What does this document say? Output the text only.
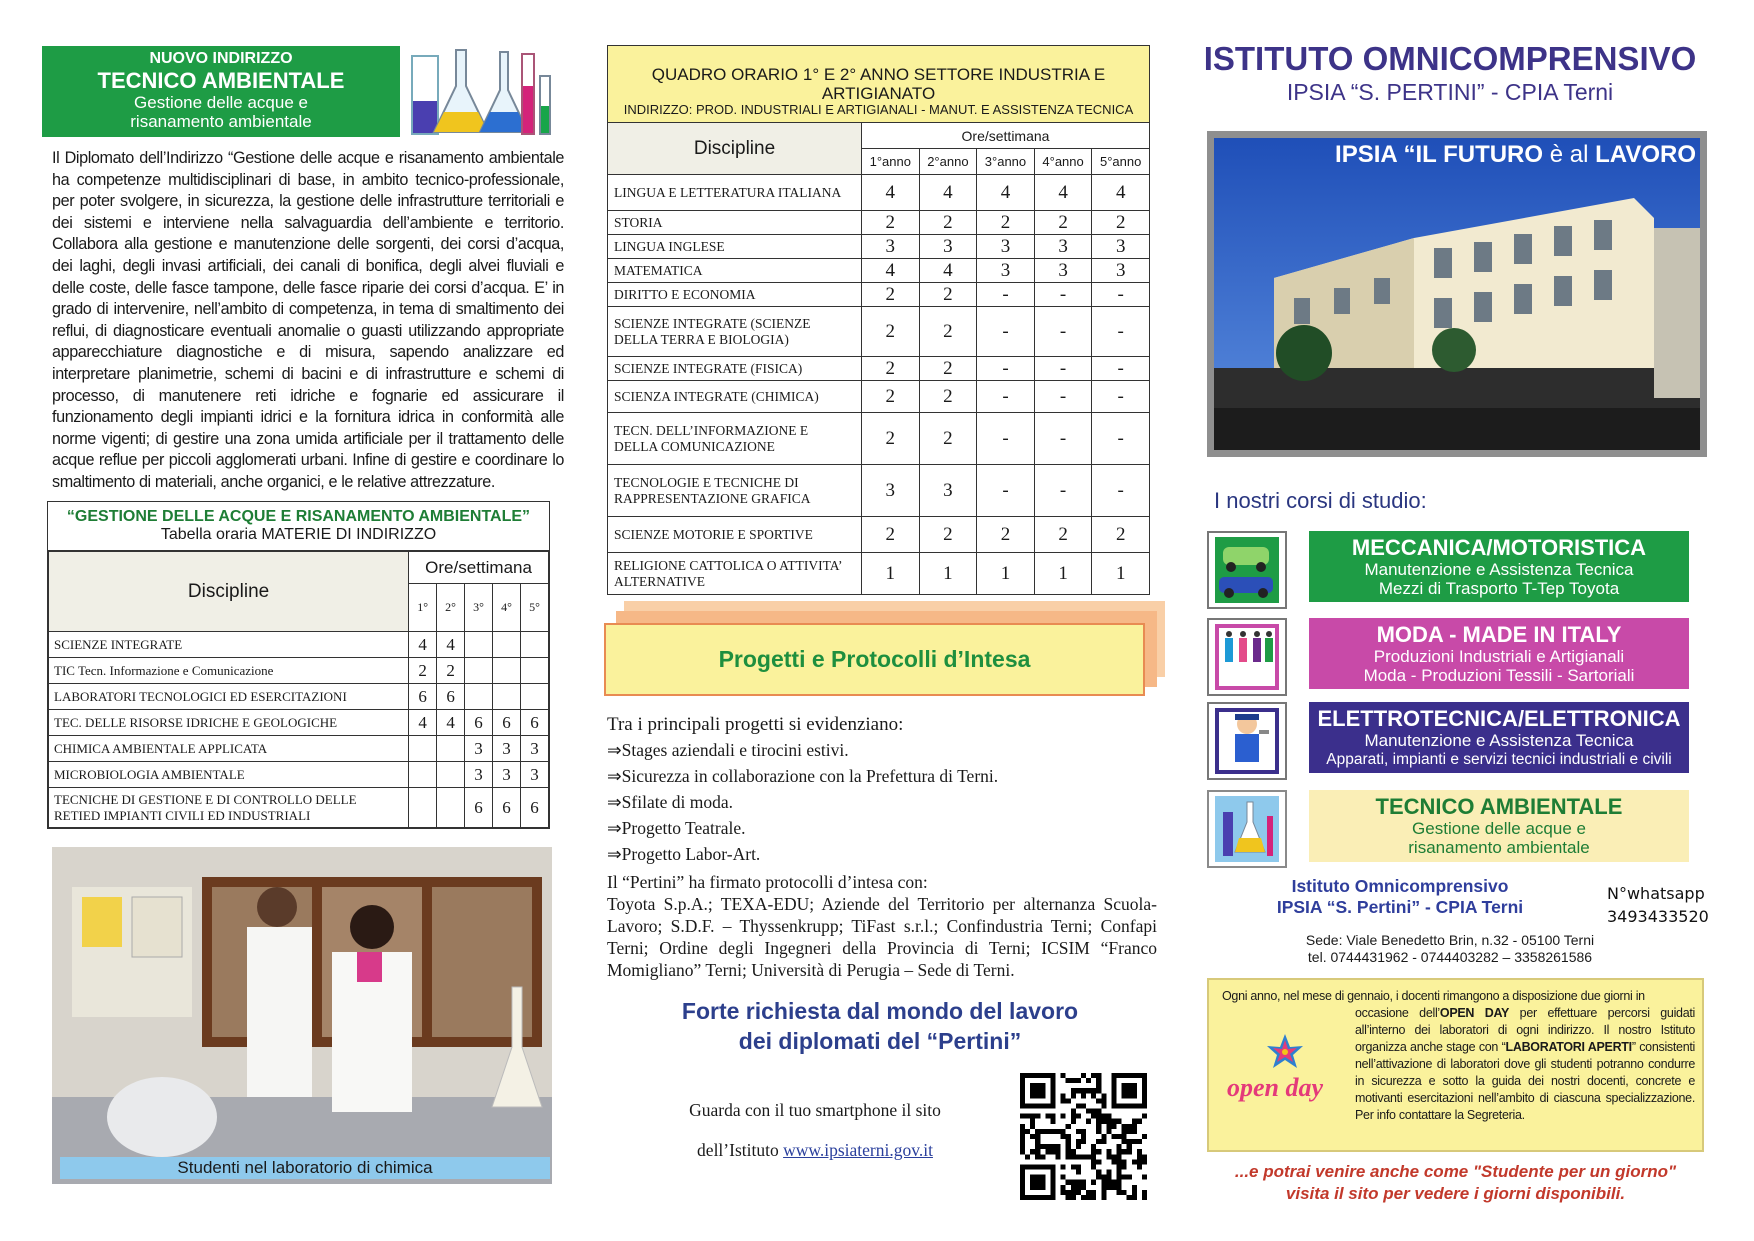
NUOVO INDIRIZZO
TECNICO AMBIENTALE
Gestione delle acque e
risanamento ambientale
Il Diplomato dell’Indirizzo “Gestione delle acque e risanamento ambientale ha competenze multidisciplinari di base, in ambito tecnico-professionale, per poter svolgere, in sicurezza, la gestione delle infrastrutture territoriali e dei sistemi e interviene nella salvaguardia dell’ambiente e territorio. Collabora alla gestione e manutenzione delle sorgenti, dei corsi d’acqua, dei laghi, degli invasi artificiali, dei canali di bonifica, degli alvei fluviali e delle coste, delle fasce tampone, delle fasce riparie dei corsi d’acqua. E’ in grado di intervenire, nell’ambito di competenza, in tema di smaltimento dei reflui, di diagnosticare eventuali anomalie o guasti utilizzando appropriate apparecchiature diagnostiche e di misura, sapendo analizzare ed interpretare planimetrie, schemi di bacini e di infrastrutture e schemi di processo, di manutenere reti idriche e fognarie ed assicurare il funzionamento degli impianti idrici e la fornitura idrica in conformità alle norme vigenti; di gestire una zona umida artificiale per il trattamento delle acque reflue per piccoli agglomerati urbani. Infine di gestire e coordinare lo smaltimento di materiali, anche organici, e le relative attrezzature.
“GESTIONE DELLE ACQUE E RISANAMENTO AMBIENTALE”
Tabella oraria MATERIE DI INDIRIZZO
Discipline	Ore/settimana				
	1°	2°	3°	4°	5°
SCIENZE INTEGRATE	4	4			
TIC Tecn. Informazione e Comunicazione	2	2			
LABORATORI TECNOLOGICI ED ESERCITAZIONI	6	6			
TEC. DELLE RISORSE IDRICHE E GEOLOGICHE	4	4	6	6	6
CHIMICA AMBIENTALE APPLICATA			3	3	3
MICROBIOLOGIA AMBIENTALE			3	3	3
TECNICHE DI GESTIONE E DI CONTROLLO DELLE RETIED IMPIANTI CIVILI ED INDUSTRIALI			6	6	6
Studenti nel laboratorio di chimica
QUADRO ORARIO 1° E 2° ANNO SETTORE INDUSTRIA E ARTIGIANATO
INDIRIZZO: PROD. INDUSTRIALI E ARTIGIANALI - MANUT. E ASSISTENZA TECNICA
Discipline	Ore/settimana				
	1°anno	2°anno	3°anno	4°anno	5°anno
LINGUA E LETTERATURA ITALIANA	4	4	4	4	4
STORIA	2	2	2	2	2
LINGUA INGLESE	3	3	3	3	3
MATEMATICA	4	4	3	3	3
DIRITTO E ECONOMIA	2	2	-	-	-
SCIENZE INTEGRATE (SCIENZE DELLA TERRA E BIOLOGIA)	2	2	-	-	-
SCIENZE INTEGRATE (FISICA)	2	2	-	-	-
SCIENZA INTEGRATE (CHIMICA)	2	2	-	-	-
TECN. DELL’INFORMAZIONE E DELLA COMUNICAZIONE	2	2	-	-	-
TECNOLOGIE E TECNICHE DI RAPPRESENTAZIONE GRAFICA	3	3	-	-	-
SCIENZE MOTORIE E SPORTIVE	2	2	2	2	2
RELIGIONE CATTOLICA O ATTIVITA’ ALTERNATIVE	1	1	1	1	1
Progetti e Protocolli d’Intesa
Tra i principali progetti si evidenziano:
⇒Stages aziendali e tirocini estivi.
⇒Sicurezza in collaborazione con la Prefettura di Terni.
⇒Sfilate di moda.
⇒Progetto Teatrale.
⇒Progetto Labor-Art.
Il “Pertini” ha firmato protocolli d’intesa con:
Toyota S.p.A.; TEXA-EDU; Aziende del Territorio per alternanza Scuola-Lavoro; S.D.F. – Thyssenkrupp; TiFast s.r.l.; Confindustria Terni; Confapi Terni; Ordine degli Ingegneri della Provincia di Terni; ICSIM “Franco Momigliano” Terni; Università di Perugia – Sede di Terni.
Forte richiesta dal mondo del lavoro
dei diplomati del “Pertini”
Guarda con il tuo smartphone il sito
dell’Istituto www.ipsiaterni.gov.it
ISTITUTO OMNICOMPRENSIVO
IPSIA “S. PERTINI” - CPIA Terni
IPSIA “IL FUTURO è al LAVORO
I nostri corsi di studio:
MECCANICA/MOTORISTICA
Manutenzione e Assistenza Tecnica
Mezzi di Trasporto T-Tep Toyota
MODA - MADE IN ITALY
Produzioni Industriali e Artigianali
Moda - Produzioni Tessili - Sartoriali
ELETTROTECNICA/ELETTRONICA
Manutenzione e Assistenza Tecnica
Apparati, impianti e servizi tecnici industriali e civili
TECNICO AMBIENTALE
Gestione delle acque e
risanamento ambientale
Istituto Omnicomprensivo
IPSIA “S. Pertini” - CPIA Terni
N°whatsapp
3493433520
Sede: Viale Benedetto Brin, n.32 - 05100 Terni
tel. 0744431962 - 0744403282 – 3358261586
Ogni anno, nel mese di gennaio, i docenti rimangono a disposizione due giorni in
occasione dell’OPEN DAY per effettuare percorsi guidati all’interno dei laboratori di ogni indirizzo. Il nostro Istituto organizza anche stage con “LABORATORI APERTI” consistenti nell’attivazione di laboratori dove gli studenti potranno condurre in sicurezza e sotto la guida dei nostri docenti, concrete e motivanti esercitazioni nell’ambito di ciascuna specializzazione. Per info contattare la Segreteria.
open day
...e potrai venire anche come "Studente per un giorno"
visita il sito per vedere i giorni disponibili.
